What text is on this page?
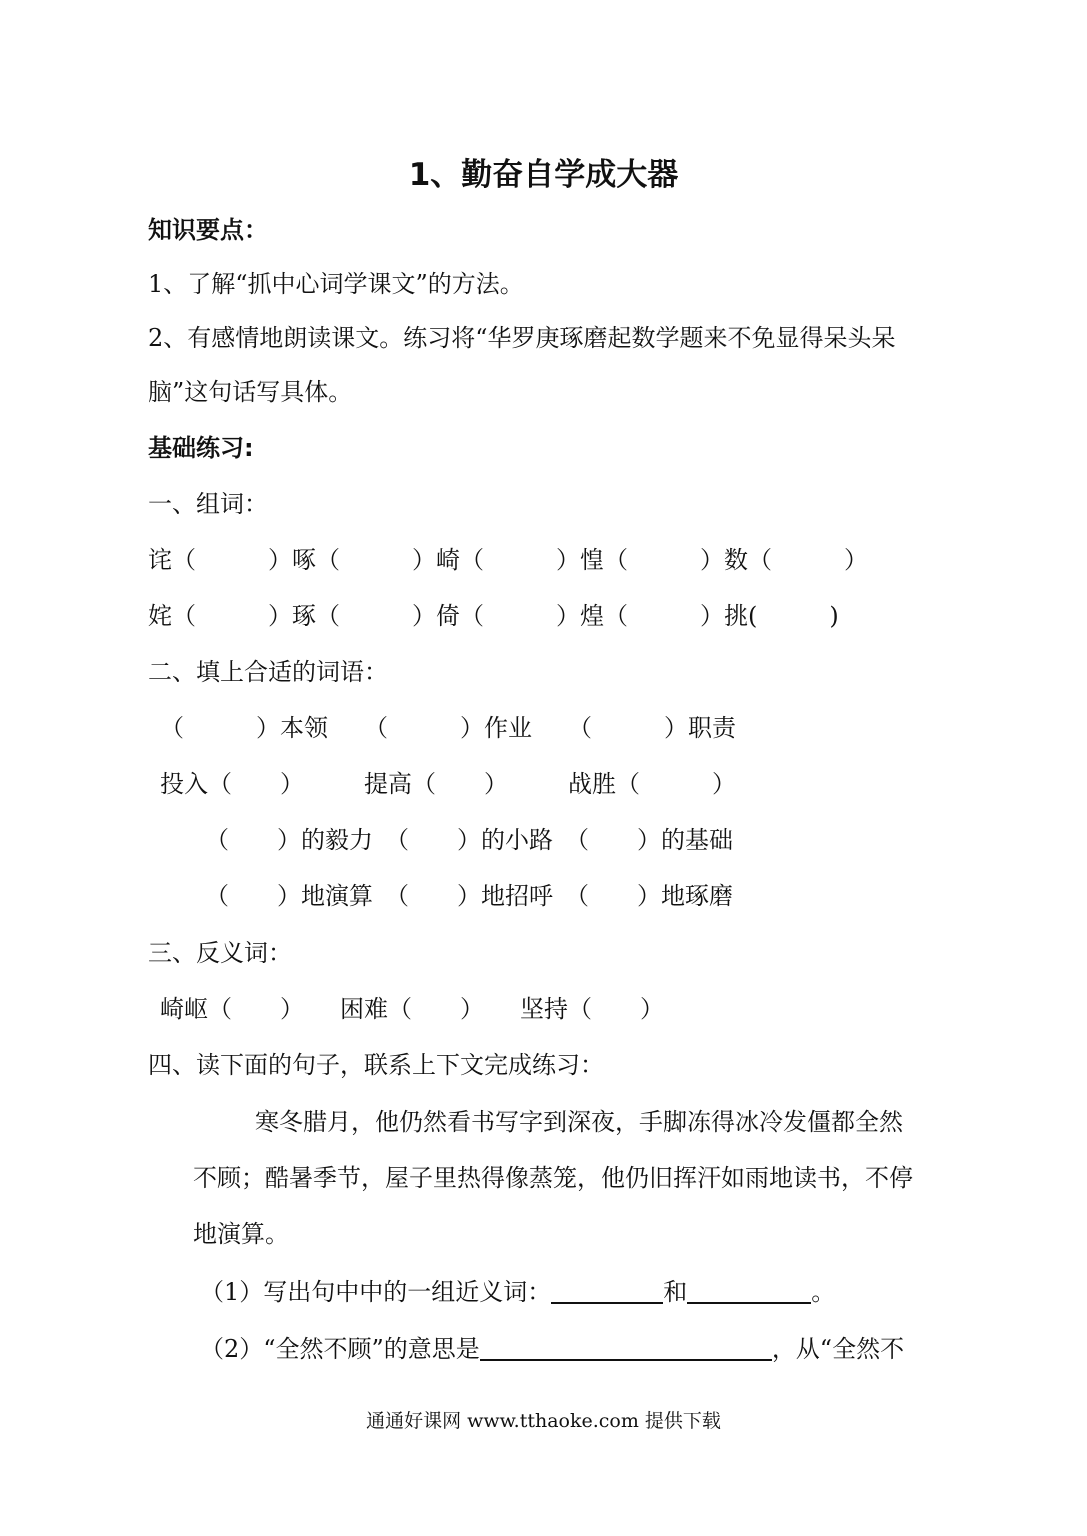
1、勤奋自学成大器
知识要点：
1、了解“抓中心词学课文”的方法。
2、有感情地朗读课文。练习将“华罗庚琢磨起数学题来不免显得呆头呆
脑”这句话写具体。
基础练习:
一、组词：
诧（　　　）啄（　　　）崎（　　　）惶（　　　）数（　　　）
姹（　　　）琢（　　　）倚（　　　）煌（　　　）挑(　　　)
二、填上合适的词语：
（　　　）本领　　（　　　）作业　　（　　　）职责
投入（　　）　　　提高（　　）　　　战胜（　　　）
（　　）的毅力　（　　）的小路　（　　）的基础
（　　）地演算　（　　）地招呼　（　　）地琢磨
三、反义词：
崎岖（　　）　　困难（　　）　　坚持（　　）
四、读下面的句子，联系上下文完成练习：
寒冬腊月，他仍然看书写字到深夜，手脚冻得冰冷发僵都全然
不顾；酷暑季节，屋子里热得像蒸笼，他仍旧挥汗如雨地读书，不停
地演算。
（1）写出句中中的一组近义词：	和	。
（2）“全然不顾”的意思是	，从“全然不
通通好课网 www.tthaoke.com 提供下载
